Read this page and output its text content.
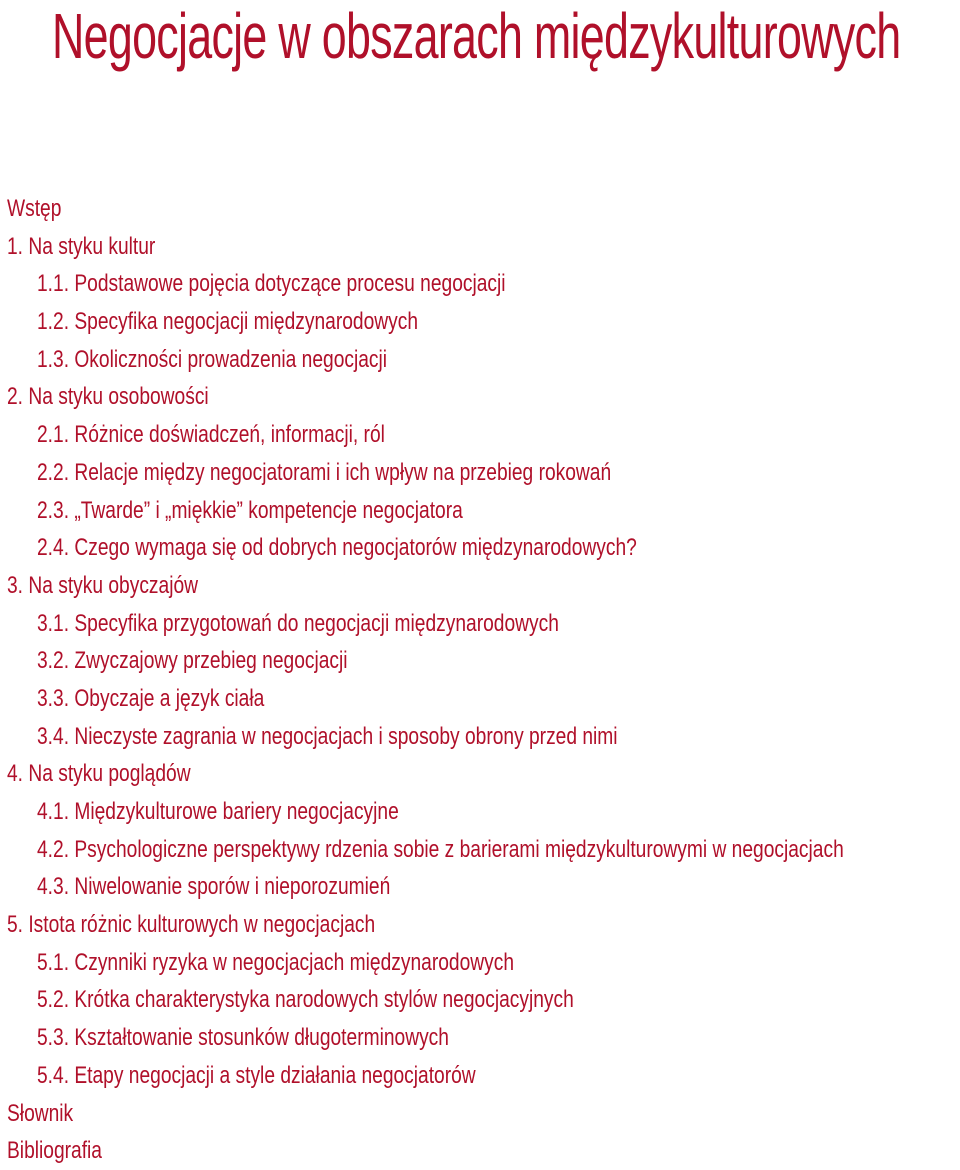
Negocjacje w obszarach międzykulturowych
Wstęp
1. Na styku kultur
1.1. Podstawowe pojęcia dotyczące procesu negocjacji
1.2. Specyfika negocjacji międzynarodowych
1.3. Okoliczności prowadzenia negocjacji
2. Na styku osobowości
2.1. Różnice doświadczeń, informacji, ról
2.2. Relacje między negocjatorami i ich wpływ na przebieg rokowań
2.3. „Twarde” i „miękkie” kompetencje negocjatora
2.4. Czego wymaga się od dobrych negocjatorów międzynarodowych?
3. Na styku obyczajów
3.1. Specyfika przygotowań do negocjacji międzynarodowych
3.2. Zwyczajowy przebieg negocjacji
3.3. Obyczaje a język ciała
3.4. Nieczyste zagrania w negocjacjach i sposoby obrony przed nimi
4. Na styku poglądów
4.1. Międzykulturowe bariery negocjacyjne
4.2. Psychologiczne perspektywy rdzenia sobie z barierami międzykulturowymi w negocjacjach
4.3. Niwelowanie sporów i nieporozumień
5. Istota różnic kulturowych w negocjacjach
5.1. Czynniki ryzyka w negocjacjach międzynarodowych
5.2. Krótka charakterystyka narodowych stylów negocjacyjnych
5.3. Kształtowanie stosunków długoterminowych
5.4. Etapy negocjacji a style działania negocjatorów
Słownik
Bibliografia
